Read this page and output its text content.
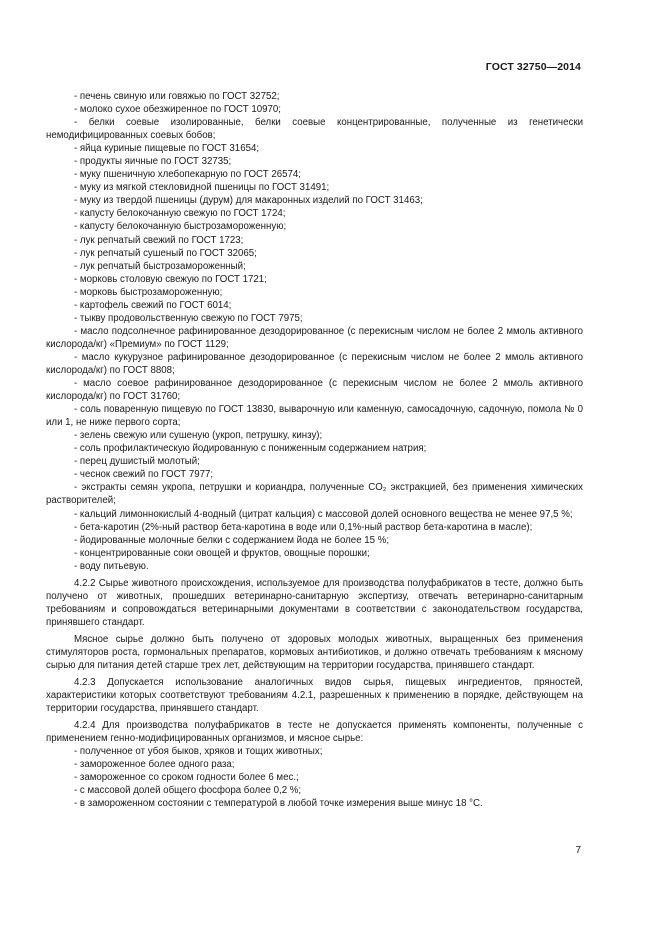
ГОСТ 32750—2014

- печень свиную или говяжью по ГОСТ 32752;

- молоко сухое обезжиренное по ГОСТ 10970;

- белки соевые изолированные, белки соевые концентрированные, полученные из генетически немодифицированных соевых бобов;

- яйца куриные пищевые по ГОСТ 31654;

- продукты яичные по ГОСТ 32735;

- муку пшеничную хлебопекарную по ГОСТ 26574;

- муку из мягкой стекловидной пшеницы по ГОСТ 31491;

- муку из твердой пшеницы (дурум) для макаронных изделий по ГОСТ 31463;

- капусту белокочанную свежую по ГОСТ 1724;

- капусту белокочанную быстрозамороженную;

- лук репчатый свежий по ГОСТ 1723;

- лук репчатый сушеный по ГОСТ 32065;

- лук репчатый быстрозамороженный;

- морковь столовую свежую по ГОСТ 1721;

- морковь быстрозамороженную;

- картофель свежий по ГОСТ 6014;

- тыкву продовольственную свежую по ГОСТ 7975;

- масло подсолнечное рафинированное дезодорированное (с перекисным числом не более 2 ммоль активного кислорода/кг) «Премиум» по ГОСТ 1129;

- масло кукурузное рафинированное дезодорированное (с перекисным числом не более 2 ммоль активного кислорода/кг) по ГОСТ 8808;

- масло соевое рафинированное дезодорированное (с перекисным числом не более 2 ммоль активного кислорода/кг) по ГОСТ 31760;

- соль поваренную пищевую по ГОСТ 13830, выварочную или каменную, самосадочную, садочную, помола № 0 или 1, не ниже первого сорта;

- зелень свежую или сушеную (укроп, петрушку, кинзу);

- соль профилактическую йодированную с пониженным содержанием натрия;

- перец душистый молотый;

- чеснок свежий по ГОСТ 7977;

- экстракты семян укропа, петрушки и кориандра, полученные CO₂ экстракцией, без применения химических растворителей;

- кальций лимоннокислый 4-водный (цитрат кальция) с массовой долей основного вещества не менее 97,5 %;

- бета-каротин (2%-ный раствор бета-каротина в воде или 0,1%-ный раствор бета-каротина в масле);

- йодированные молочные белки с содержанием йода не более 15 %;

- концентрированные соки овощей и фруктов, овощные порошки;

- воду питьевую.

4.2.2 Сырье животного происхождения, используемое для производства полуфабрикатов в тесте, должно быть получено от животных, прошедших ветеринарно-санитарную экспертизу, отвечать ветеринарно-санитарным требованиям и сопровождаться ветеринарными документами в соответствии с законодательством государства, принявшего стандарт.

Мясное сырье должно быть получено от здоровых молодых животных, выращенных без применения стимуляторов роста, гормональных препаратов, кормовых антибиотиков, и должно отвечать требованиям к мясному сырью для питания детей старше трех лет, действующим на территории государства, принявшего стандарт.

4.2.3 Допускается использование аналогичных видов сырья, пищевых ингредиентов, пряностей, характеристики которых соответствуют требованиям 4.2.1, разрешенных к применению в порядке, действующем на территории государства, принявшего стандарт.

4.2.4 Для производства полуфабрикатов в тесте не допускается применять компоненты, полученные с применением генно-модифицированных организмов, и мясное сырье:

- полученное от убоя быков, хряков и тощих животных;

- замороженное более одного раза;

- замороженное со сроком годности более 6 мес.;

- с массовой долей общего фосфора более 0,2 %;

- в замороженном состоянии с температурой в любой точке измерения выше минус 18 °C.

7
